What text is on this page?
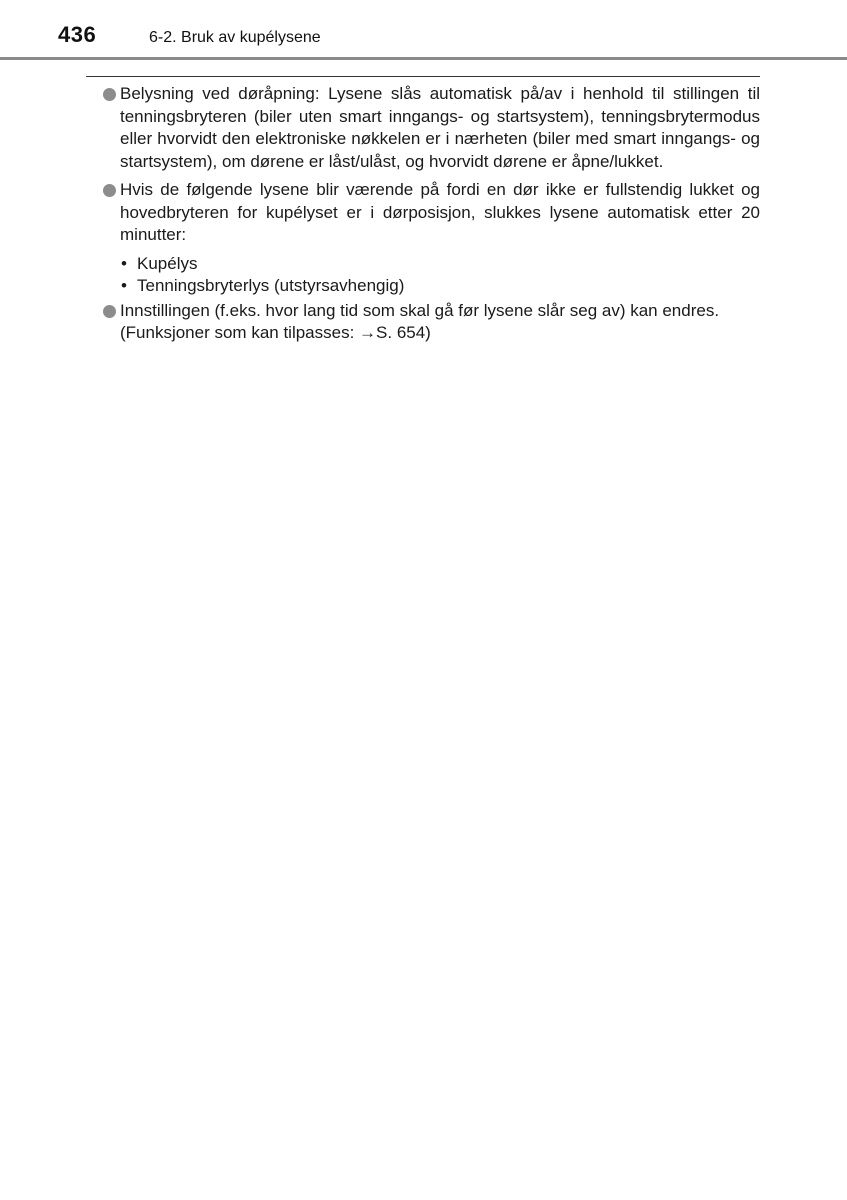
436	6-2. Bruk av kupélysene
Belysning ved døråpning: Lysene slås automatisk på/av i henhold til stillingen til tenningsbryteren (biler uten smart inngangs- og startsystem), tenningsbrytermodus eller hvorvidt den elektroniske nøkkelen er i nærheten (biler med smart inngangs- og startsystem), om dørene er låst/ulåst, og hvorvidt dørene er åpne/lukket.
Hvis de følgende lysene blir værende på fordi en dør ikke er fullstendig lukket og hovedbryteren for kupélyset er i dørposisjon, slukkes lysene automatisk etter 20 minutter:
• Kupélys
• Tenningsbryterlys (utstyrsavhengig)
Innstillingen (f.eks. hvor lang tid som skal gå før lysene slår seg av) kan endres.
(Funksjoner som kan tilpasses: →S. 654)
